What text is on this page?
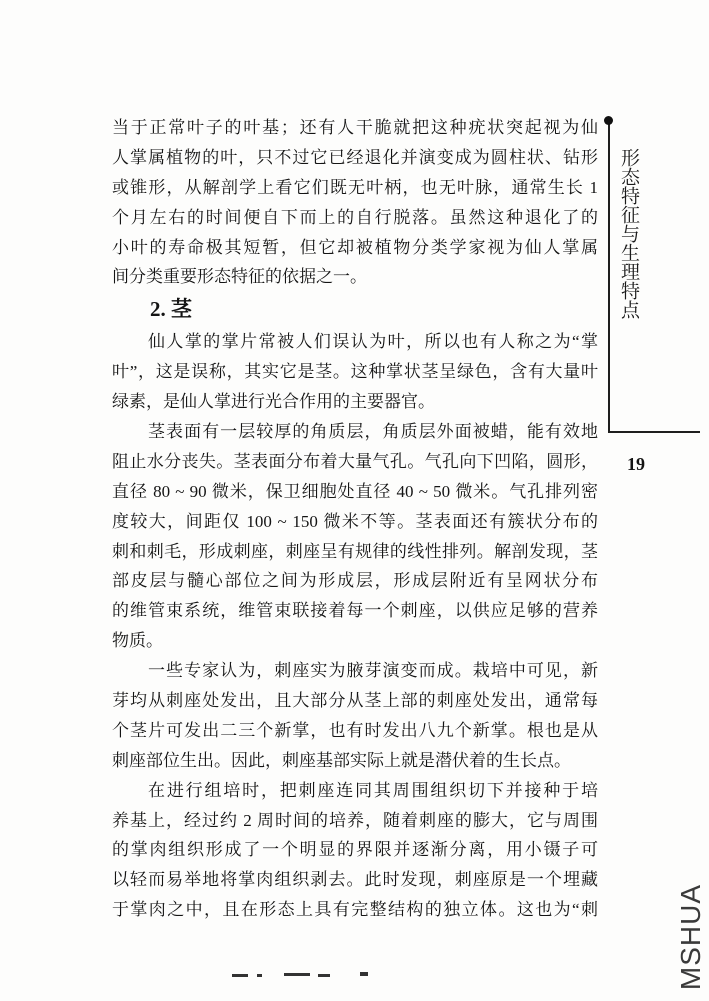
当于正常叶子的叶基；还有人干脆就把这种疣状突起视为仙
人掌属植物的叶，只不过它已经退化并演变成为圆柱状、钻形
或锥形，从解剖学上看它们既无叶柄，也无叶脉，通常生长 1
个月左右的时间便自下而上的自行脱落。虽然这种退化了的
小叶的寿命极其短暂，但它却被植物分类学家视为仙人掌属
间分类重要形态特征的依据之一。
2. 茎
仙人掌的掌片常被人们误认为叶，所以也有人称之为“掌
叶”，这是误称，其实它是茎。这种掌状茎呈绿色，含有大量叶
绿素，是仙人掌进行光合作用的主要器官。
茎表面有一层较厚的角质层，角质层外面被蜡，能有效地
阻止水分丧失。茎表面分布着大量气孔。气孔向下凹陷，圆形，
直径 80 ~ 90 微米，保卫细胞处直径 40 ~ 50 微米。气孔排列密
度较大，间距仅 100 ~ 150 微米不等。茎表面还有簇状分布的
刺和刺毛，形成刺座，刺座呈有规律的线性排列。解剖发现，茎
部皮层与髓心部位之间为形成层，形成层附近有呈网状分布
的维管束系统，维管束联接着每一个刺座，以供应足够的营养
物质。
一些专家认为，刺座实为腋芽演变而成。栽培中可见，新
芽均从刺座处发出，且大部分从茎上部的刺座处发出，通常每
个茎片可发出二三个新掌，也有时发出八九个新掌。根也是从
刺座部位生出。因此，刺座基部实际上就是潜伏着的生长点。
在进行组培时，把刺座连同其周围组织切下并接种于培
养基上，经过约 2 周时间的培养，随着刺座的膨大，它与周围
的掌肉组织形成了一个明显的界限并逐渐分离，用小镊子可
以轻而易举地将掌肉组织剥去。此时发现，刺座原是一个埋藏
于掌肉之中，且在形态上具有完整结构的独立体。这也为“刺
形态特征与生理特点
19
MSHUA
